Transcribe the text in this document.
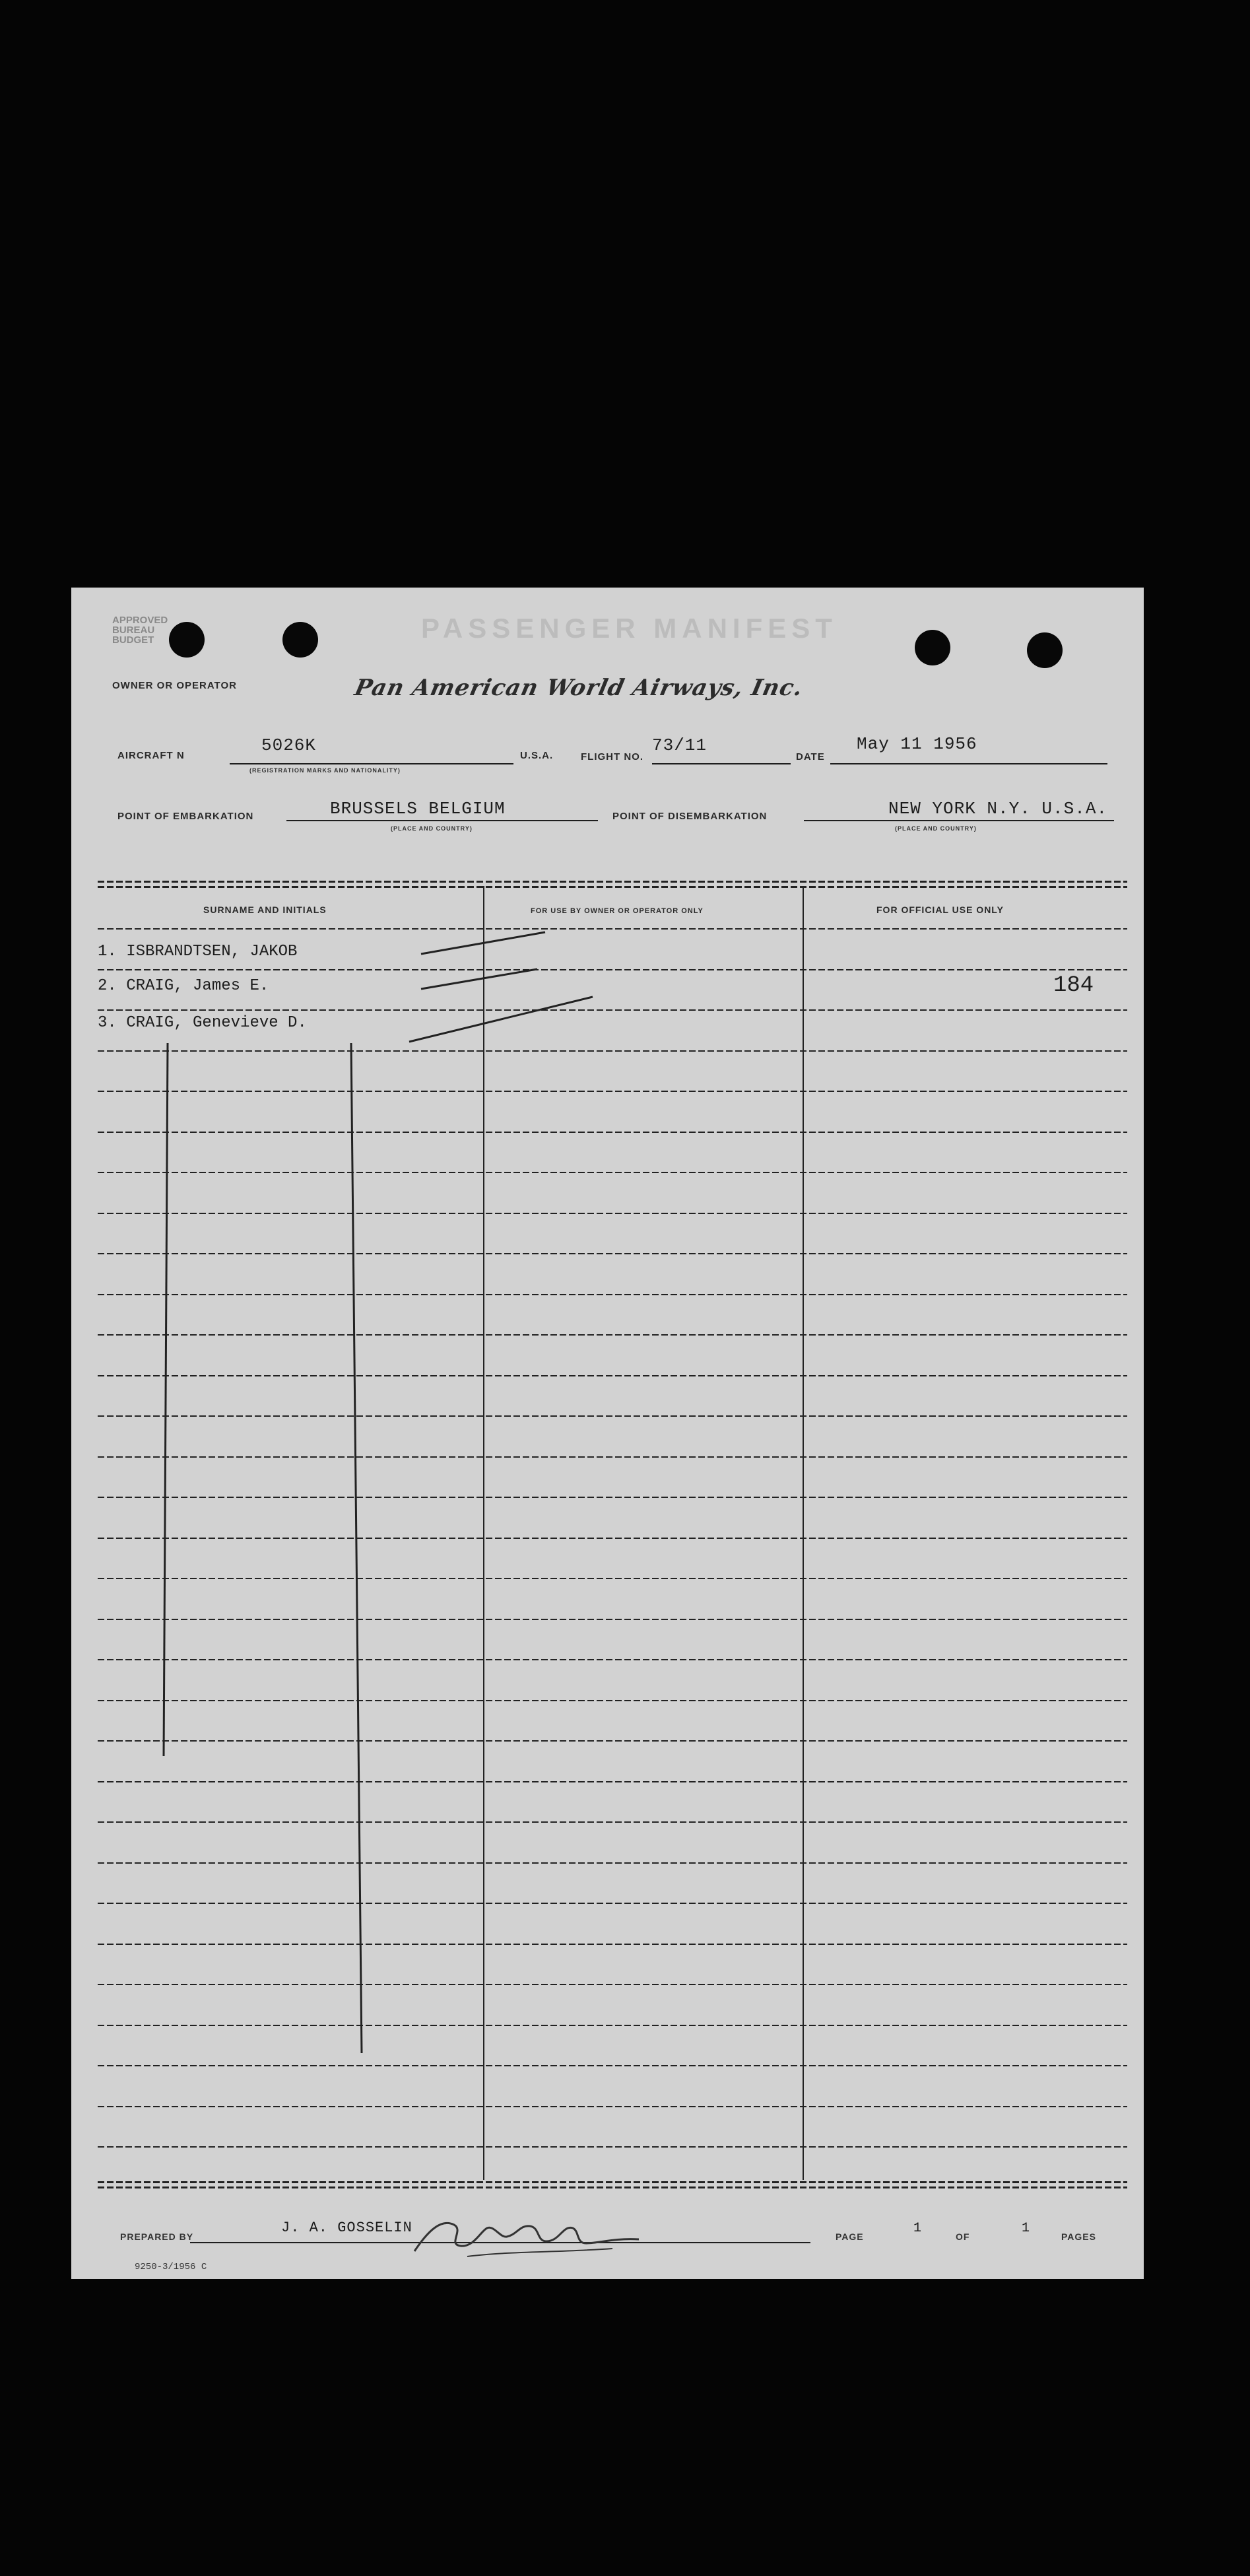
APPROVED
BUREAU
BUDGET	PASSENGER MANIFEST
OWNER OR OPERATOR	Pan American World Airways, Inc.
AIRCRAFT N
5026K
(REGISTRATION MARKS AND NATIONALITY)
U.S.A.	FLIGHT NO.
73/11
DATE
May 11 1956
POINT OF EMBARKATION	BRUSSELS BELGIUM
(PLACE AND COUNTRY)
POINT OF DISEMBARKATION	NEW YORK N.Y. U.S.A.
(PLACE AND COUNTRY)
SURNAME AND INITIALS	FOR USE BY OWNER OR OPERATOR ONLY	FOR OFFICIAL USE ONLY
1. ISBRANDTSEN, JAKOB
2. CRAIG, James E.
3. CRAIG, Genevieve D.
184
PREPARED BY
J. A. GOSSELIN
PAGE
1
OF
1
PAGES
9250-3/1956 C
